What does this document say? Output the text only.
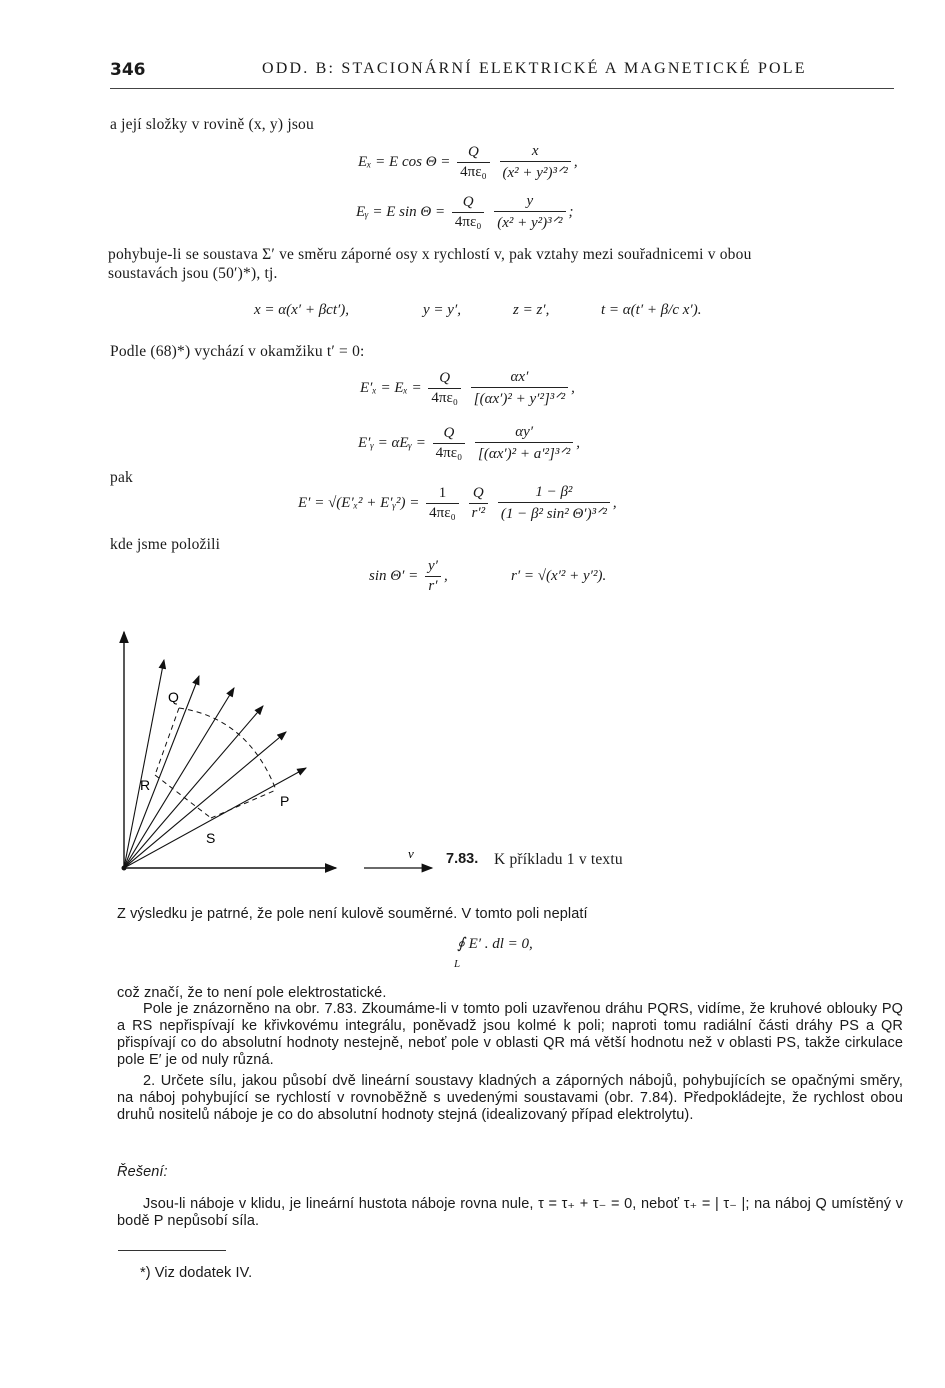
346	ODD. B: STACIONÁRNÍ ELEKTRICKÉ A MAGNETICKÉ POLE
a její složky v rovině (x, y) jsou
Eₓ = E $\cos \Theta = \frac{Q}{\text{4πε₀}}$
$\frac{x}{\text{(x² + y²)³ᐟ²}}$ ,
Eᵧ = E $\sin \Theta = \frac{Q}{\text{4πε₀}}$
$\frac{y}{\text{(x² + y²)³ᐟ²}}$ ;
pohybuje-li se soustava Σ′ ve směru záporné osy x rychlostí v, pak vztahy mezi souřadnicemi v obou
soustavách jsou (50′)*), tj.
x = α(x′ + βct′),	y = y′,	z = z′,	t = α(t′ + β/c x′).
Podle (68)*) vychází v okamžiku t′ = 0:
$E'_x = E_x = \frac{Q}{\text{4πε₀}}$
$\frac{\alpha x'}{\text{[(αx′)² + y′²]³ᐟ²}}$ ,
E′ᵧ = αEᵧ = $\frac{Q}{\text{4πε₀}}$
$\frac{\alpha y'}{\text{[(αx′)² + a′²]³ᐟ²}}$ ,
pak
E′ = √(E′ₓ² + E′ᵧ²) = $\frac{1}{\text{4πε₀}}$
$\frac{Q}{\text{r′²}}$
$\frac{\text{1 − β²}}{\text{(1 − β² sin² Θ′)³ᐟ²}}$ ,
kde jsme položili
$\sin \Theta' = \frac{y'}{r'}$ ,	r′ = √(x′² + y′²).
Q
R
S
P
v 7.83. K příkladu 1 v textu
Z výsledku je patrné, že pole není kulově souměrné. V tomto poli neplatí
∮ E′ . dl = 0,
L
což značí, že to není pole elektrostatické.

Pole je znázorněno na obr. 7.83. Zkoumáme-li v tomto poli uzavřenou dráhu PQRS, vidíme, že kruhové oblouky PQ a RS nepřispívají ke křivkovému integrálu, poněvadž jsou kolmé k poli; naproti tomu radiální části dráhy PS a QR přispívají co do absolutní hodnoty nestejně, neboť pole v oblasti QR má větší hodnotu než v oblasti PS, takže cirkulace pole E′ je od nuly různá.

2. Určete sílu, jakou působí dvě lineární soustavy kladných a záporných nábojů, pohybujících se opačnými směry, na náboj pohybující se rychlostí v rovnoběžně s uvedenými soustavami (obr. 7.84). Předpokládejte, že rychlost obou druhů nositelů náboje je co do absolutní hodnoty stejná (idealizovaný případ elektrolytu).

Řešení:

Jsou-li náboje v klidu, je lineární hustota náboje rovna nule, τ = τ₊ + τ₋ = 0, neboť τ₊ = | τ₋ |; na náboj Q umístěný v bodě P nepůsobí síla.

*) Viz dodatek IV.
